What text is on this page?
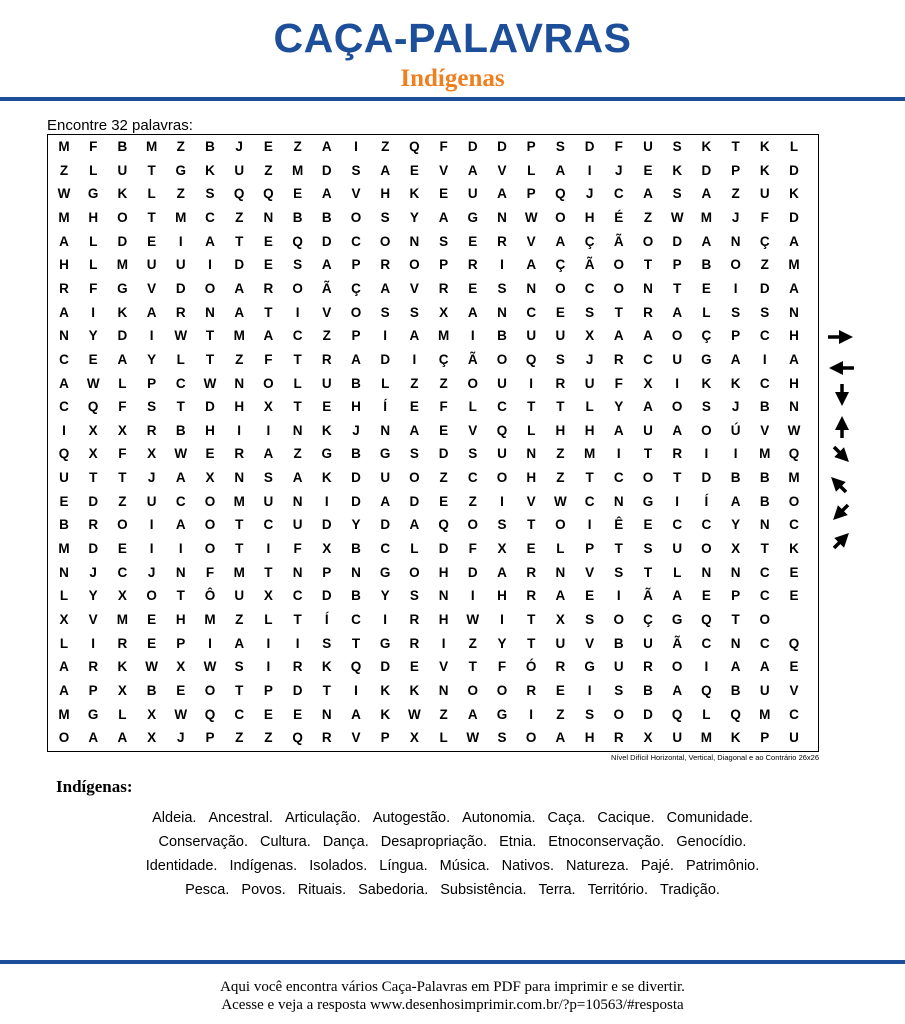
CAÇA-PALAVRAS
Indígenas
Encontre 32 palavras:
M	F	B	M	Z	B	J	E	Z	A	I	Z	Q	F	D	D	P	S	D	F	U	S	K	T	K	L
Z	L	U	T	G	K	U	Z	M	D	S	A	E	V	A	V	L	A	I	J	E	K	D	P	K	D
W	G	K	L	Z	S	Q	Q	E	A	V	H	K	E	U	A	P	Q	J	C	A	S	A	Z	U	K
M	H	O	T	M	C	Z	N	B	B	O	S	Y	A	G	N	W	O	H	É	Z	W	M	J	F	D
A	L	D	E	I	A	T	E	Q	D	C	O	N	S	E	R	V	A	Ç	Ã	O	D	A	N	Ç	A
H	L	M	U	U	I	D	E	S	A	P	R	O	P	R	I	A	Ç	Ã	O	T	P	B	O	Z	M
R	F	G	V	D	O	A	R	O	Ã	Ç	A	V	R	E	S	N	O	C	O	N	T	E	I	D	A
A	I	K	A	R	N	A	T	I	V	O	S	S	X	A	N	C	E	S	T	R	A	L	S	S	N
N	Y	D	I	W	T	M	A	C	Z	P	I	A	M	I	B	U	U	X	A	A	O	Ç	P	C	H
C	E	A	Y	L	T	Z	F	T	R	A	D	I	Ç	Ã	O	Q	S	J	R	C	U	G	A	I	A
A	W	L	P	C	W	N	O	L	U	B	L	Z	Z	O	U	I	R	U	F	X	I	K	K	C	H
C	Q	F	S	T	D	H	X	T	E	H	Í	E	F	L	C	T	T	L	Y	A	O	S	J	B	N
I	X	X	R	B	H	I	I	N	K	J	N	A	E	V	Q	L	H	H	A	U	A	O	Ú	V	W
Q	X	F	X	W	E	R	A	Z	G	B	G	S	D	S	U	N	Z	M	I	T	R	I	I	M	Q
U	T	T	J	A	X	N	S	A	K	D	U	O	Z	C	O	H	Z	T	C	O	T	D	B	B	M
E	D	Z	U	C	O	M	U	N	I	D	A	D	E	Z	I	V	W	C	N	G	I	Í	A	B	O
B	R	O	I	A	O	T	C	U	D	Y	D	A	Q	O	S	T	O	I	Ê	E	C	C	Y	N	C
M	D	E	I	I	O	T	I	F	X	B	C	L	D	F	X	E	L	P	T	S	U	O	X	T	K
N	J	C	J	N	F	M	T	N	P	N	G	O	H	D	A	R	N	V	S	T	L	N	N	C	E
L	Y	X	O	T	Ô	U	X	C	D	B	Y	S	N	I	H	R	A	E	I	Ã	A	E	P	C	E
X	V	M	E	H	M	Z	L	T	Í	C	I	R	H	W	I	T	X	S	O	Ç	G	Q	T	O
L	I	R	E	P	I	A	I	I	S	T	G	R	I	Z	Y	T	U	V	B	U	Ã	C	N	C	Q
A	R	K	W	X	W	S	I	R	K	Q	D	E	V	T	F	Ó	R	G	U	R	O	I	A	A	E
A	P	X	B	E	O	T	P	D	T	I	K	K	N	O	O	R	E	I	S	B	A	Q	B	U	V
M	G	L	X	W	Q	C	E	E	N	A	K	W	Z	A	G	I	Z	S	O	D	Q	L	Q	M	C
O	A	A	X	J	P	Z	Z	Q	R	V	P	X	L	W	S	O	A	H	R	X	U	M	K	P	U
Nível Difícil Horizontal, Vertical, Diagonal e ao Contrário 26x26
Indígenas:
Aldeia. Ancestral. Articulação. Autogestão. Autonomia. Caça. Cacique. Comunidade.
Conservação. Cultura. Dança. Desapropriação. Etnia. Etnoconservação. Genocídio.
Identidade. Indígenas. Isolados. Língua. Música. Nativos. Natureza. Pajé. Patrimônio.
Pesca. Povos. Rituais. Sabedoria. Subsistência. Terra. Território. Tradição.
Aqui você encontra vários Caça-Palavras em PDF para imprimir e se divertir.
Acesse e veja a resposta www.desenhosimprimir.com.br/?p=10563/#resposta
